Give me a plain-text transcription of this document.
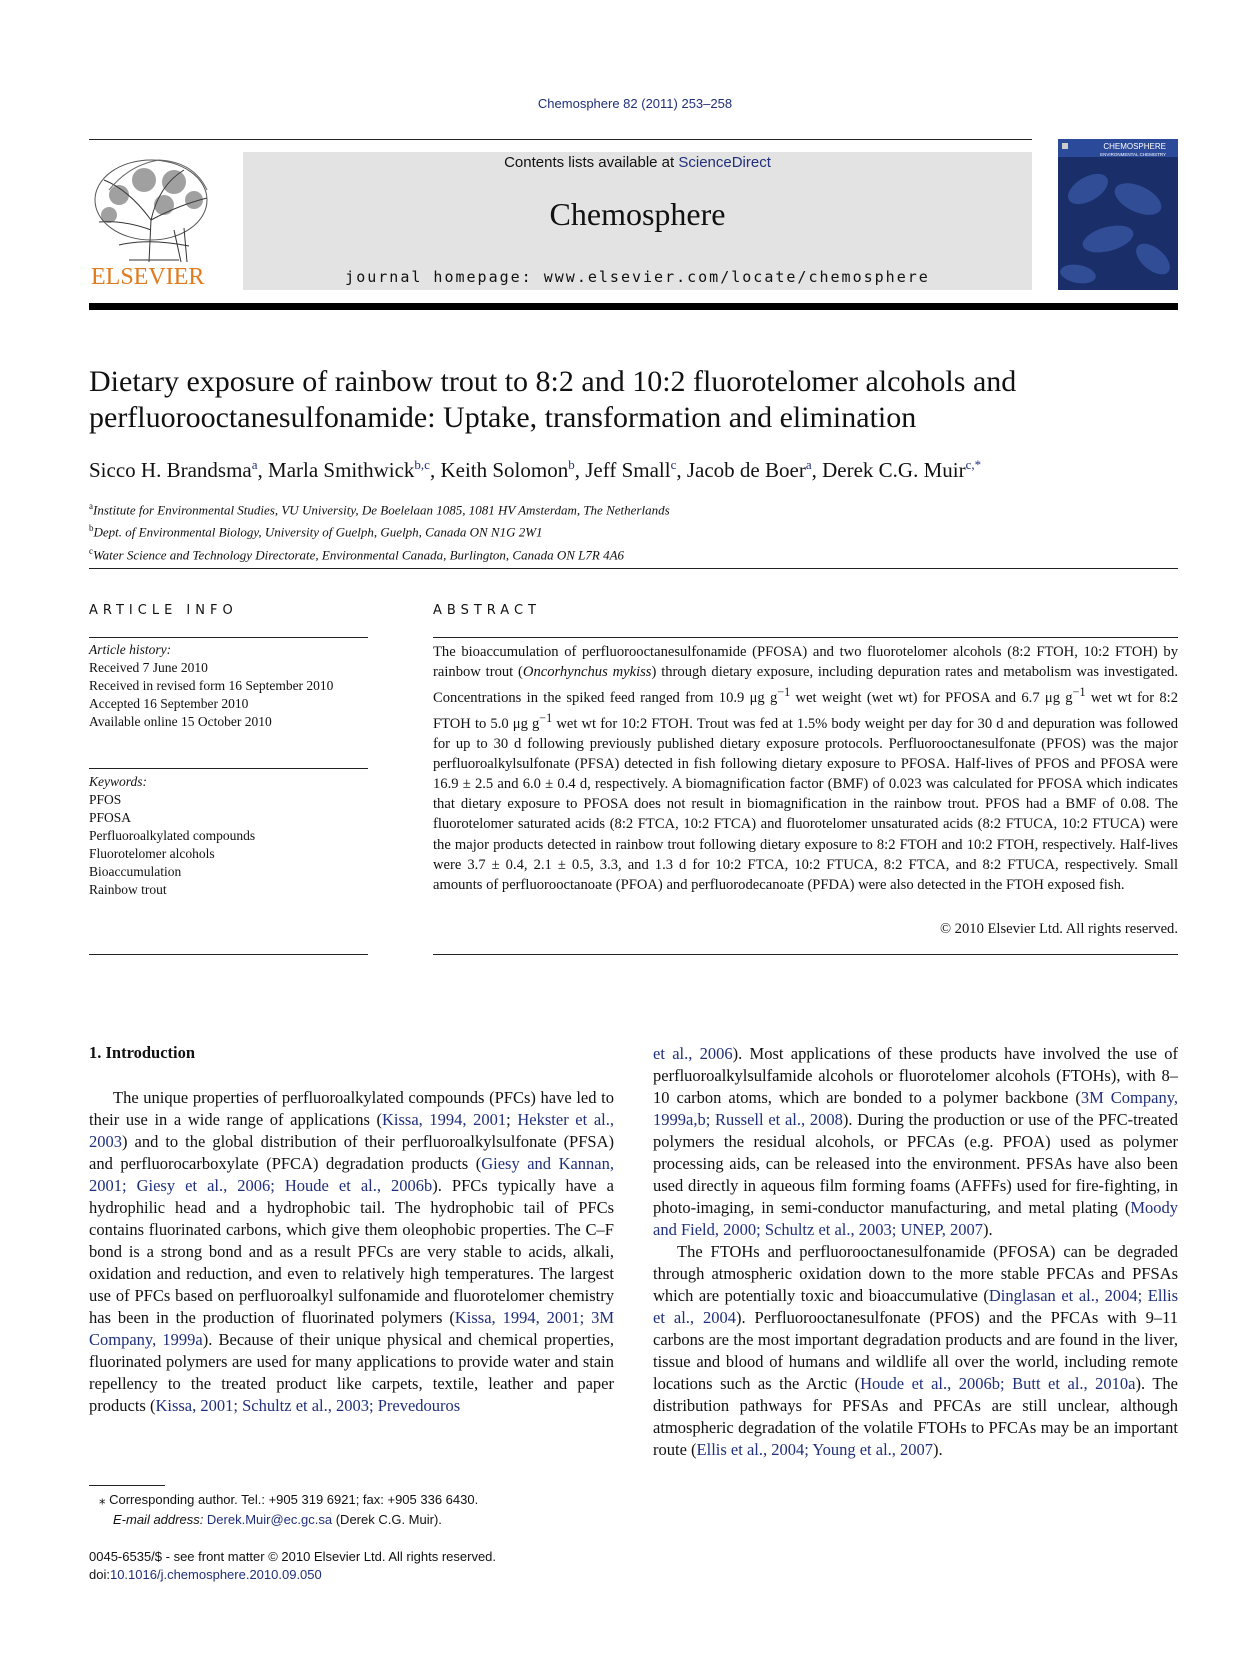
Chemosphere 82 (2011) 253–258
ELSEVIER
Contents lists available at ScienceDirect
Chemosphere
journal homepage: www.elsevier.com/locate/chemosphere
CHEMOSPHERE
ENVIRONMENTAL CHEMISTRY
Dietary exposure of rainbow trout to 8:2 and 10:2 fluorotelomer alcohols and perfluorooctanesulfonamide: Uptake, transformation and elimination
Sicco H. Brandsma$^a$, Marla Smithwick$^{b,c}$, Keith Solomon$^b$, Jeff Small$^c$, Jacob de Boer$^a$, Derek C.G. Muir$^{c,*}$
$^a$Institute for Environmental Studies, VU University, De Boelelaan 1085, 1081 HV Amsterdam, The Netherlands
$^b$Dept. of Environmental Biology, University of Guelph, Guelph, Canada ON N1G 2W1
$^c$Water Science and Technology Directorate, Environmental Canada, Burlington, Canada ON L7R 4A6
ARTICLE INFO	ABSTRACT
Article history:
Received 7 June 2010
Received in revised form 16 September 2010
Accepted 16 September 2010
Available online 15 October 2010
Keywords:
PFOS
PFOSA
Perfluoroalkylated compounds
Fluorotelomer alcohols
Bioaccumulation
Rainbow trout
The bioaccumulation of perfluorooctanesulfonamide (PFOSA) and two fluorotelomer alcohols (8:2 FTOH, 10:2 FTOH) by rainbow trout (Oncorhynchus mykiss) through dietary exposure, including depuration rates and metabolism was investigated. Concentrations in the spiked feed ranged from 10.9 μg $g^{-1}$ wet weight (wet wt) for PFOSA and 6.7 μg $g^{-1}$ wet wt for 8:2 FTOH to 5.0 μg $g^{-1}$ wet wt for 10:2 FTOH. Trout was fed at 1.5% body weight per day for 30 d and depuration was followed for up to 30 d following previously published dietary exposure protocols. Perfluorooctanesulfonate (PFOS) was the major perfluoroalkylsulfonate (PFSA) detected in fish following dietary exposure to PFOSA. Half-lives of PFOS and PFOSA were 16.9 ± 2.5 and 6.0 ± 0.4 d, respectively. A biomagnification factor (BMF) of 0.023 was calculated for PFOSA which indicates that dietary exposure to PFOSA does not result in biomagnification in the rainbow trout. PFOS had a BMF of 0.08. The fluorotelomer saturated acids (8:2 FTCA, 10:2 FTCA) and fluorotelomer unsaturated acids (8:2 FTUCA, 10:2 FTUCA) were the major products detected in rainbow trout following dietary exposure to 8:2 FTOH and 10:2 FTOH, respectively. Half-lives were 3.7 ± 0.4, 2.1 ± 0.5, 3.3, and 1.3 d for 10:2 FTCA, 10:2 FTUCA, 8:2 FTCA, and 8:2 FTUCA, respectively. Small amounts of perfluorooctanoate (PFOA) and perfluorodecanoate (PFDA) were also detected in the FTOH exposed fish.
© 2010 Elsevier Ltd. All rights reserved.
1. Introduction

The unique properties of perfluoroalkylated compounds (PFCs) have led to their use in a wide range of applications (Kissa, 1994, 2001; Hekster et al., 2003) and to the global distribution of their perfluoroalkylsulfonate (PFSA) and perfluorocarboxylate (PFCA) degradation products (Giesy and Kannan, 2001; Giesy et al., 2006; Houde et al., 2006b). PFCs typically have a hydrophilic head and a hydrophobic tail. The hydrophobic tail of PFCs contains fluorinated carbons, which give them oleophobic properties. The C–F bond is a strong bond and as a result PFCs are very stable to acids, alkali, oxidation and reduction, and even to relatively high temperatures. The largest use of PFCs based on perfluoroalkyl sulfonamide and fluorotelomer chemistry has been in the production of fluorinated polymers (Kissa, 1994, 2001; 3M Company, 1999a). Because of their unique physical and chemical properties, fluorinated polymers are used for many applications to provide water and stain repellency to the treated product like carpets, textile, leather and paper products (Kissa, 2001; Schultz et al., 2003; Prevedouros

et al., 2006). Most applications of these products have involved the use of perfluoroalkylsulfamide alcohols or fluorotelomer alcohols (FTOHs), with 8–10 carbon atoms, which are bonded to a polymer backbone (3M Company, 1999a,b; Russell et al., 2008). During the production or use of the PFC-treated polymers the residual alcohols, or PFCAs (e.g. PFOA) used as polymer processing aids, can be released into the environment. PFSAs have also been used directly in aqueous film forming foams (AFFFs) used for fire-fighting, in photo-imaging, in semi-conductor manufacturing, and metal plating (Moody and Field, 2000; Schultz et al., 2003; UNEP, 2007).

The FTOHs and perfluorooctanesulfonamide (PFOSA) can be degraded through atmospheric oxidation down to the more stable PFCAs and PFSAs which are potentially toxic and bioaccumulative (Dinglasan et al., 2004; Ellis et al., 2004). Perfluorooctanesulfonate (PFOS) and the PFCAs with 9–11 carbons are the most important degradation products and are found in the liver, tissue and blood of humans and wildlife all over the world, including remote locations such as the Arctic (Houde et al., 2006b; Butt et al., 2010a). The distribution pathways for PFSAs and PFCAs are still unclear, although atmospheric degradation of the volatile FTOHs to PFCAs may be an important route (Ellis et al., 2004; Young et al., 2007).

⁎ Corresponding author. Tel.: +905 319 6921; fax: +905 336 6430.
E-mail address: Derek.Muir@ec.gc.sa (Derek C.G. Muir).
0045-6535/$ - see front matter © 2010 Elsevier Ltd. All rights reserved.
doi:10.1016/j.chemosphere.2010.09.050
